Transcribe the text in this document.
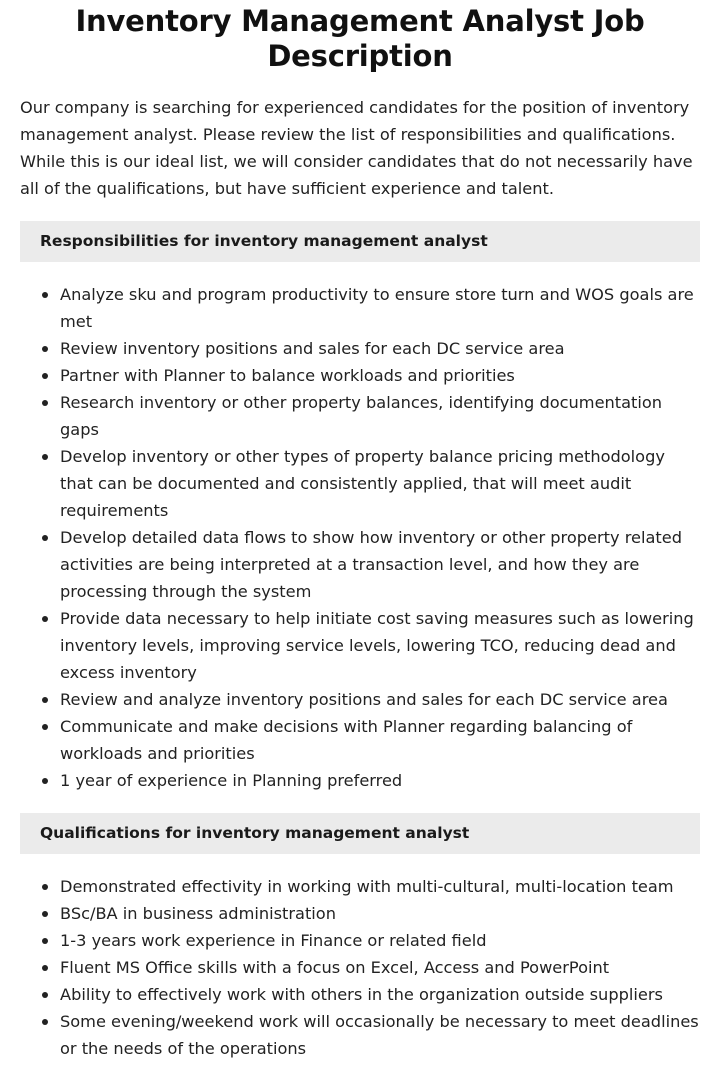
Inventory Management Analyst Job Description

Our company is searching for experienced candidates for the position of inventory management analyst. Please review the list of responsibilities and qualifications. While this is our ideal list, we will consider candidates that do not necessarily have all of the qualifications, but have sufficient experience and talent.

Responsibilities for inventory management analyst
Analyze sku and program productivity to ensure store turn and WOS goals are met
Review inventory positions and sales for each DC service area
Partner with Planner to balance workloads and priorities
Research inventory or other property balances, identifying documentation gaps
Develop inventory or other types of property balance pricing methodology that can be documented and consistently applied, that will meet audit requirements
Develop detailed data flows to show how inventory or other property related activities are being interpreted at a transaction level, and how they are processing through the system
Provide data necessary to help initiate cost saving measures such as lowering inventory levels, improving service levels, lowering TCO, reducing dead and excess inventory
Review and analyze inventory positions and sales for each DC service area
Communicate and make decisions with Planner regarding balancing of workloads and priorities
1 year of experience in Planning preferred
Qualifications for inventory management analyst
Demonstrated effectivity in working with multi-cultural, multi-location team
BSc/BA in business administration
1-3 years work experience in Finance or related field
Fluent MS Office skills with a focus on Excel, Access and PowerPoint
Ability to effectively work with others in the organization outside suppliers
Some evening/weekend work will occasionally be necessary to meet deadlines or the needs of the operations
